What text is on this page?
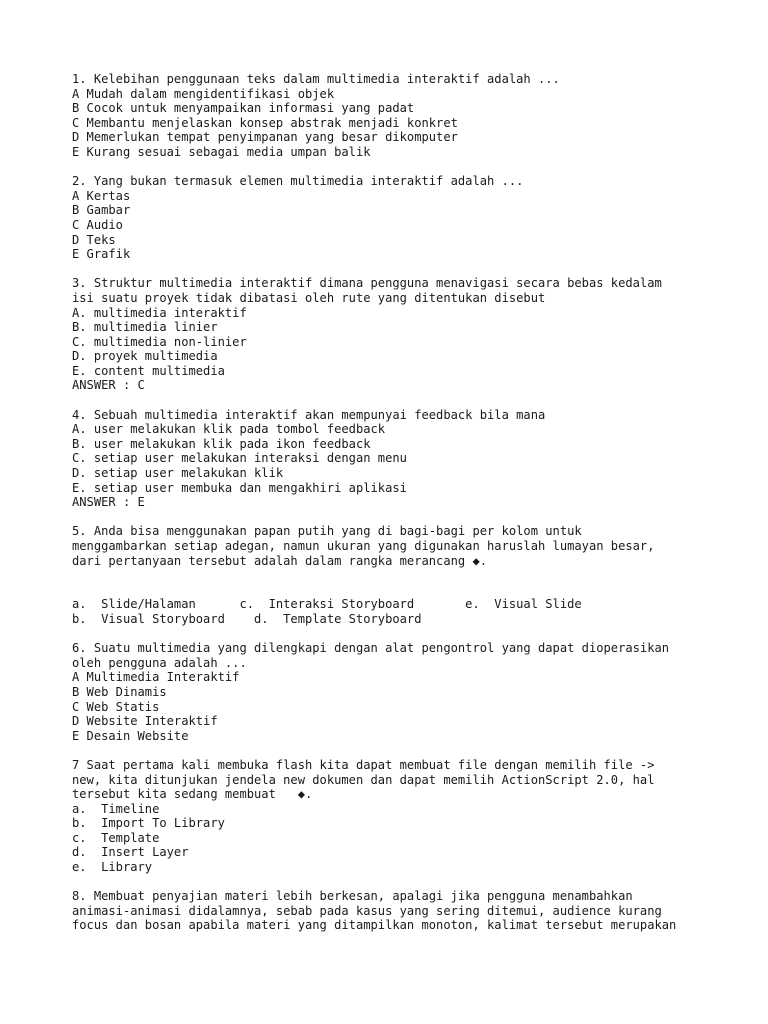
1. Kelebihan penggunaan teks dalam multimedia interaktif adalah ...
A Mudah dalam mengidentifikasi objek
B Cocok untuk menyampaikan informasi yang padat
C Membantu menjelaskan konsep abstrak menjadi konkret
D Memerlukan tempat penyimpanan yang besar dikomputer
E Kurang sesuai sebagai media umpan balik
2. Yang bukan termasuk elemen multimedia interaktif adalah ...
A Kertas
B Gambar
C Audio
D Teks
E Grafik
3. Struktur multimedia interaktif dimana pengguna menavigasi secara bebas kedalam
isi suatu proyek tidak dibatasi oleh rute yang ditentukan disebut
A. multimedia interaktif
B. multimedia linier
C. multimedia non-linier
D. proyek multimedia
E. content multimedia
ANSWER : C
4. Sebuah multimedia interaktif akan mempunyai feedback bila mana
A. user melakukan klik pada tombol feedback
B. user melakukan klik pada ikon feedback
C. setiap user melakukan interaksi dengan menu
D. setiap user melakukan klik
E. setiap user membuka dan mengakhiri aplikasi
ANSWER : E
5. Anda bisa menggunakan papan putih yang di bagi-bagi per kolom untuk
menggambarkan setiap adegan, namun ukuran yang digunakan haruslah lumayan besar,
dari pertanyaan tersebut adalah dalam rangka merancang ◆.
a.  Slide/Halaman      c.  Interaksi Storyboard       e.  Visual Slide
b.  Visual Storyboard    d.  Template Storyboard
6. Suatu multimedia yang dilengkapi dengan alat pengontrol yang dapat dioperasikan
oleh pengguna adalah ...
A Multimedia Interaktif
B Web Dinamis
C Web Statis
D Website Interaktif
E Desain Website
7 Saat pertama kali membuka flash kita dapat membuat file dengan memilih file ->
new, kita ditunjukan jendela new dokumen dan dapat memilih ActionScript 2.0, hal
tersebut kita sedang membuat   ◆.
a.  Timeline
b.  Import To Library
c.  Template
d.  Insert Layer
e.  Library
8. Membuat penyajian materi lebih berkesan, apalagi jika pengguna menambahkan
animasi-animasi didalamnya, sebab pada kasus yang sering ditemui, audience kurang
focus dan bosan apabila materi yang ditampilkan monoton, kalimat tersebut merupakan
